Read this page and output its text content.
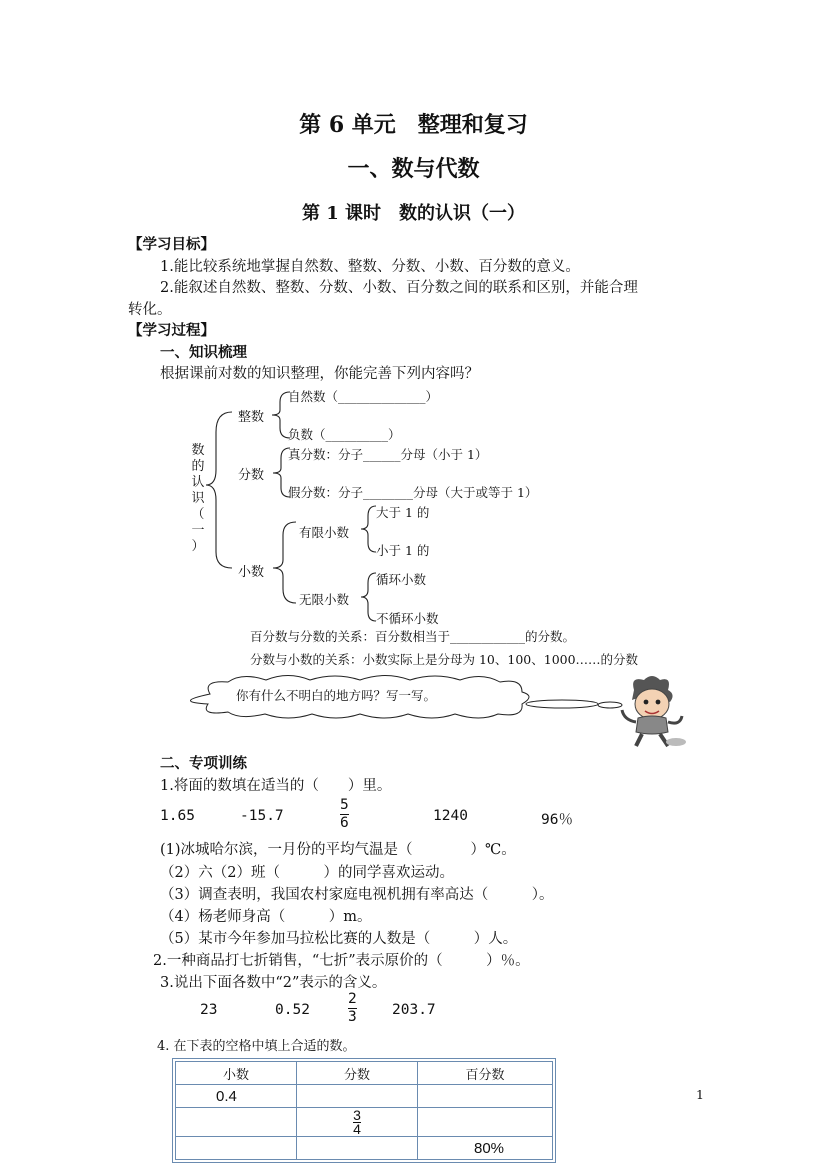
第 6 单元　整理和复习
一、数与代数
第 1 课时　数的认识（一）
【学习目标】
1.能比较系统地掌握自然数、整数、分数、小数、百分数的意义。
2.能叙述自然数、整数、分数、小数、百分数之间的联系和区别，并能合理
转化。
【学习过程】
一、知识梳理
根据课前对数的知识整理，你能完善下列内容吗？
数
的
认
识
（
一
）
整数
自然数（______________）
负数（__________）
分数
真分数：分子______分母（小于 1）
假分数：分子________分母（大于或等于 1）
小数
有限小数
大于 1 的
小于 1 的
无限小数
循环小数
不循环小数
百分数与分数的关系：百分数相当于____________的分数。
分数与小数的关系：小数实际上是分母为 10、100、1000……的分数
你有什么不明白的地方吗？写一写。
二、专项训练
1.将面的数填在适当的（　　）里。
1.65	-15.7
5
6	1240	96％
(1)冰城哈尔滨，一月份的平均气温是（　　　　）℃。
（2）六（2）班（　　　）的同学喜欢运动。
（3）调查表明，我国农村家庭电视机拥有率高达（　　　）。
（4）杨老师身高（　　　）m。
（5）某市今年参加马拉松比赛的人数是（　　　）人。
2.一种商品打七折销售，“七折”表示原价的（　　　）％。
3.说出下面各数中“2”表示的含义。
23	0.52
2
3 203.7
4. 在下表的空格中填上合适的数。
小数	分数	百分数
0.4		

	$\frac{3}{4}$

		80%
1
